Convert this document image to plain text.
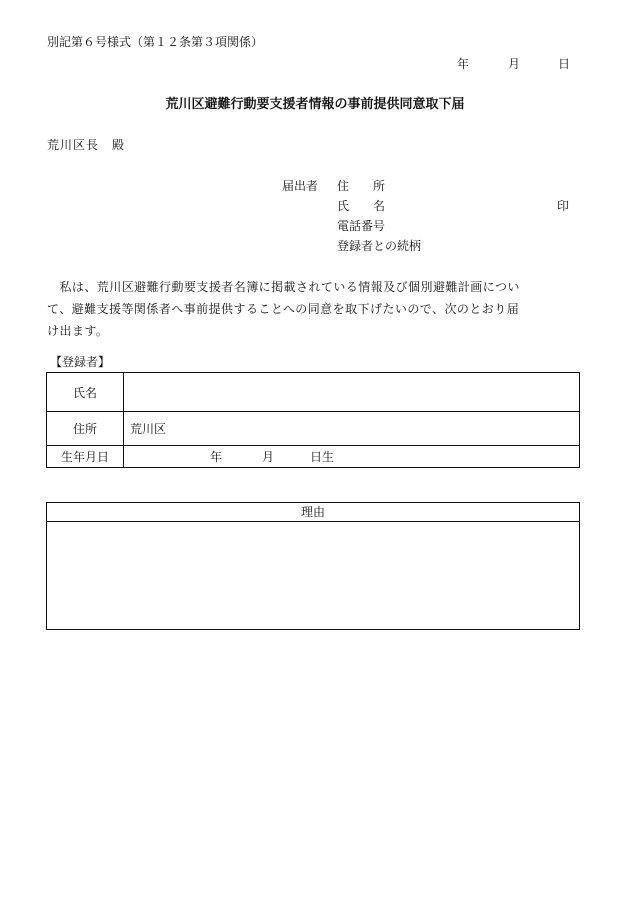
別記第６号様式（第１２条第３項関係）
年	月	日
荒川区避難行動要支援者情報の事前提供同意取下届
荒川区長　殿
届出者 住　　所
氏　　名	印
電話番号
登録者との続柄
　私は、荒川区避難行動要支援者名簿に掲載されている情報及び個別避難計画につい
て、避難支援等関係者へ事前提供することへの同意を取下げたいので、次のとおり届
け出ます。
【登録者】
氏名	
住所	荒川区
生年月日	年 月 日生
理由
